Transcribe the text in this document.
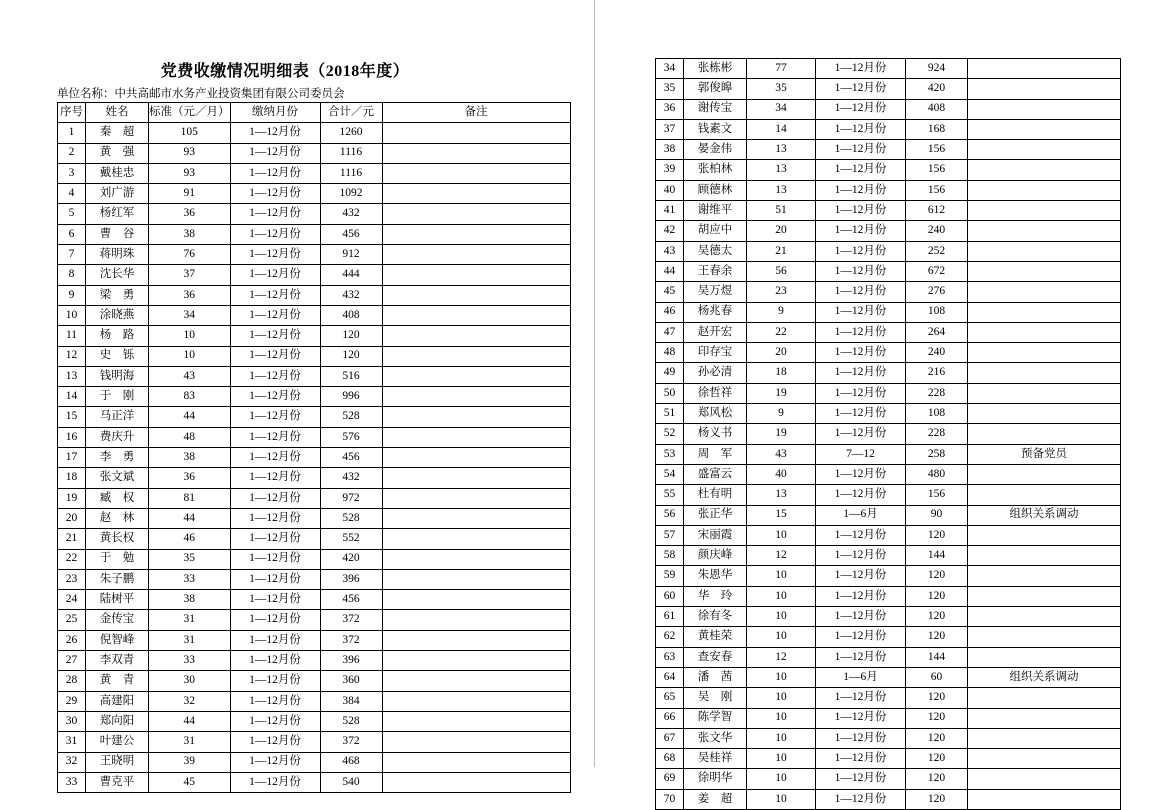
党费收缴情况明细表（2018年度）
单位名称：中共高邮市水务产业投资集团有限公司委员会
序号	姓名	标准（元／月）	缴纳月份	合计／元	备注
1	秦　超	105	1—12月份	1260	
2	黄　强	93	1—12月份	1116	
3	戴桂忠	93	1—12月份	1116	
4	刘广游	91	1—12月份	1092	
5	杨红军	36	1—12月份	432	
6	曹　谷	38	1—12月份	456	
7	蒋明珠	76	1—12月份	912	
8	沈长华	37	1—12月份	444	
9	梁　勇	36	1—12月份	432	
10	涂晓燕	34	1—12月份	408	
11	杨　路	10	1—12月份	120	
12	史　铄	10	1—12月份	120	
13	钱明海	43	1—12月份	516	
14	于　刚	83	1—12月份	996	
15	马正洋	44	1—12月份	528	
16	费庆升	48	1—12月份	576	
17	李　勇	38	1—12月份	456	
18	张文斌	36	1—12月份	432	
19	臧　权	81	1—12月份	972	
20	赵　林	44	1—12月份	528	
21	黄长权	46	1—12月份	552	
22	于　勉	35	1—12月份	420	
23	朱子鹏	33	1—12月份	396	
24	陆树平	38	1—12月份	456	
25	金传宝	31	1—12月份	372	
26	倪智峰	31	1—12月份	372	
27	李双青	33	1—12月份	396	
28	黄　青	30	1—12月份	360	
29	高建阳	32	1—12月份	384	
30	郑向阳	44	1—12月份	528	
31	叶建公	31	1—12月份	372	
32	王晓明	39	1—12月份	468	
33	曹克平	45	1—12月份	540	
34	张栋彬	77	1—12月份	924	
35	郭俊皞	35	1—12月份	420	
36	谢传宝	34	1—12月份	408	
37	钱素文	14	1—12月份	168	
38	晏金伟	13	1—12月份	156	
39	张柏林	13	1—12月份	156	
40	顾德林	13	1—12月份	156	
41	谢维平	51	1—12月份	612	
42	胡应中	20	1—12月份	240	
43	吴德太	21	1—12月份	252	
44	王春余	56	1—12月份	672	
45	吴万煜	23	1—12月份	276	
46	杨兆春	9	1—12月份	108	
47	赵开宏	22	1—12月份	264	
48	印存宝	20	1—12月份	240	
49	孙必清	18	1—12月份	216	
50	徐哲祥	19	1—12月份	228	
51	郑风松	9	1—12月份	108	
52	杨义书	19	1—12月份	228	
53	周　军	43	7—12	258	预备党员
54	盛富云	40	1—12月份	480	
55	杜有明	13	1—12月份	156	
56	张正华	15	1—6月	90	组织关系调动
57	宋丽霞	10	1—12月份	120	
58	颜庆峰	12	1—12月份	144	
59	朱恩华	10	1—12月份	120	
60	华　玲	10	1—12月份	120	
61	徐有冬	10	1—12月份	120	
62	黄桂荣	10	1—12月份	120	
63	查安春	12	1—12月份	144	
64	潘　茜	10	1—6月	60	组织关系调动
65	吴　刚	10	1—12月份	120	
66	陈学智	10	1—12月份	120	
67	张文华	10	1—12月份	120	
68	吴桂祥	10	1—12月份	120	
69	徐明华	10	1—12月份	120	
70	姜　超	10	1—12月份	120	
